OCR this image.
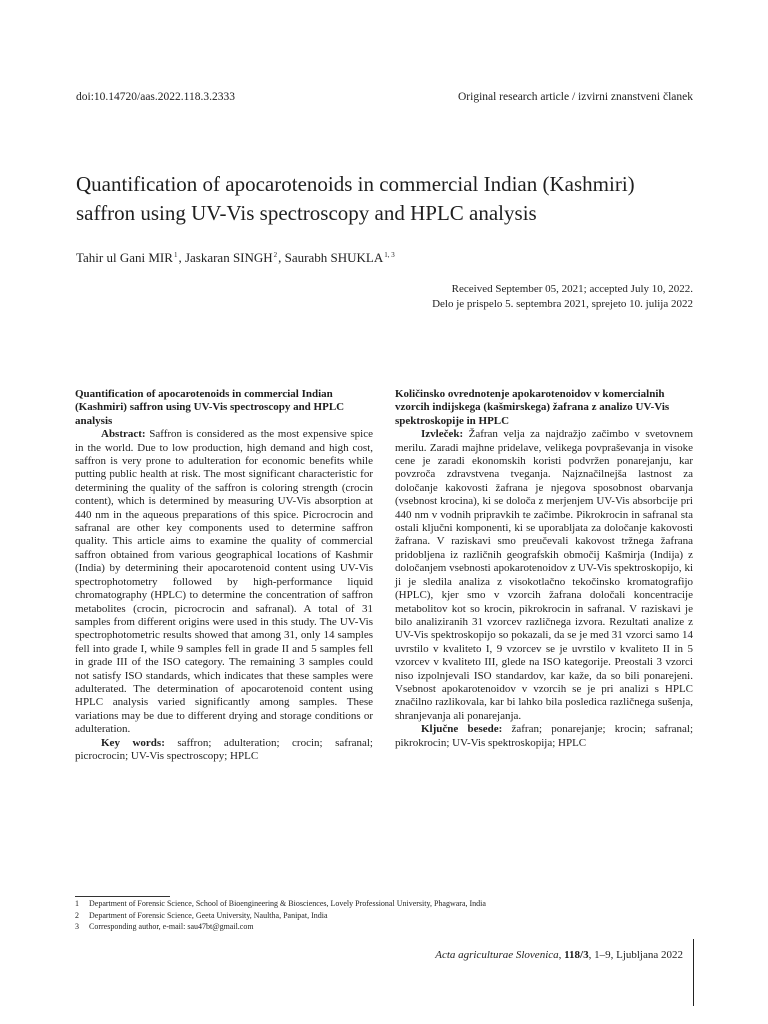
doi:10.14720/aas.2022.118.3.2333	Original research article / izvirni znanstveni članek
Quantification of apocarotenoids in commercial Indian (Kashmiri) saffron using UV-Vis spectroscopy and HPLC analysis
Tahir ul Gani MIR$^1$, Jaskaran SINGH$^2$, Saurabh SHUKLA$^{1, 3}$
Received September 05, 2021; accepted July 10, 2022.
Delo je prispelo 5. septembra 2021, sprejeto 10. julija 2022

Quantification of apocarotenoids in commercial Indian (Kashmiri) saffron using UV-Vis spectroscopy and HPLC analysis

Abstract: Saffron is considered as the most expensive spice in the world. Due to low production, high demand and high cost, saffron is very prone to adulteration for economic benefits while putting public health at risk. The most significant characteristic for determining the quality of the saffron is coloring strength (crocin content), which is determined by measuring UV-Vis absorption at 440 nm in the aqueous preparations of this spice. Picrocrocin and safranal are other key components used to determine saffron quality. This article aims to examine the quality of commercial saffron obtained from various geographical locations of Kashmir (India) by determining their apocarotenoid content using UV-Vis spectrophotometry followed by high-performance liquid chromatography (HPLC) to determine the concentration of saffron metabolites (crocin, picrocrocin and safranal). A total of 31 samples from different origins were used in this study. The UV-Vis spectrophotometric results showed that among 31, only 14 samples fell into grade I, while 9 samples fell in grade II and 5 samples fell in grade III of the ISO category. The remaining 3 samples could not satisfy ISO standards, which indicates that these samples were adulterated. The determination of apocarotenoid content using HPLC analysis varied significantly among samples. These variations may be due to different drying and storage conditions or adulteration.

Key words: saffron; adulteration; crocin; safranal; picrocrocin; UV-Vis spectroscopy; HPLC

Količinsko ovrednotenje apokarotenoidov v komercialnih vzorcih indijskega (kašmirskega) žafrana z analizo UV-Vis spektroskopije in HPLC

Izvleček: Žafran velja za najdražjo začimbo v svetovnem merilu. Zaradi majhne pridelave, velikega povpraševanja in visoke cene je zaradi ekonomskih koristi podvržen ponarejanju, kar povzroča zdravstvena tveganja. Najznačilnejša lastnost za določanje kakovosti žafrana je njegova sposobnost obarvanja (vsebnost krocina), ki se določa z merjenjem UV-Vis absorbcije pri 440 nm v vodnih pripravkih te začimbe. Pikrokrocin in safranal sta ostali ključni komponenti, ki se uporabljata za določanje kakovosti žafrana. V raziskavi smo preučevali kakovost tržnega žafrana pridobljena iz različnih geografskih območij Kašmirja (Indija) z določanjem vsebnosti apokarotenoidov z UV-Vis spektroskopijo, ki ji je sledila analiza z visokotlačno tekočinsko kromatografijo (HPLC), kjer smo v vzorcih žafrana določali koncentracije metabolitov kot so krocin, pikrokrocin in safranal. V raziskavi je bilo analiziranih 31 vzorcev različnega izvora. Rezultati analize z UV-Vis spektroskopijo so pokazali, da se je med 31 vzorci samo 14 uvrstilo v kvaliteto I, 9 vzorcev se je uvrstilo v kvaliteto II in 5 vzorcev v kvaliteto III, glede na ISO kategorije. Preostali 3 vzorci niso izpolnjevali ISO standardov, kar kaže, da so bili ponarejeni. Vsebnost apokarotenoidov v vzorcih se je pri analizi s HPLC značilno razlikovala, kar bi lahko bila posledica različnega sušenja, shranjevanja ali ponarejanja.

Ključne besede: žafran; ponarejanje; krocin; safranal; pikrokrocin; UV-Vis spektroskopija; HPLC

1 Department of Forensic Science, School of Bioengineering & Biosciences, Lovely Professional University, Phagwara, India
2 Department of Forensic Science, Geeta University, Naultha, Panipat, India
3 Corresponding author, e-mail: sau47bt@gmail.com
Acta agriculturae Slovenica, 118/3, 1–9, Ljubljana 2022
